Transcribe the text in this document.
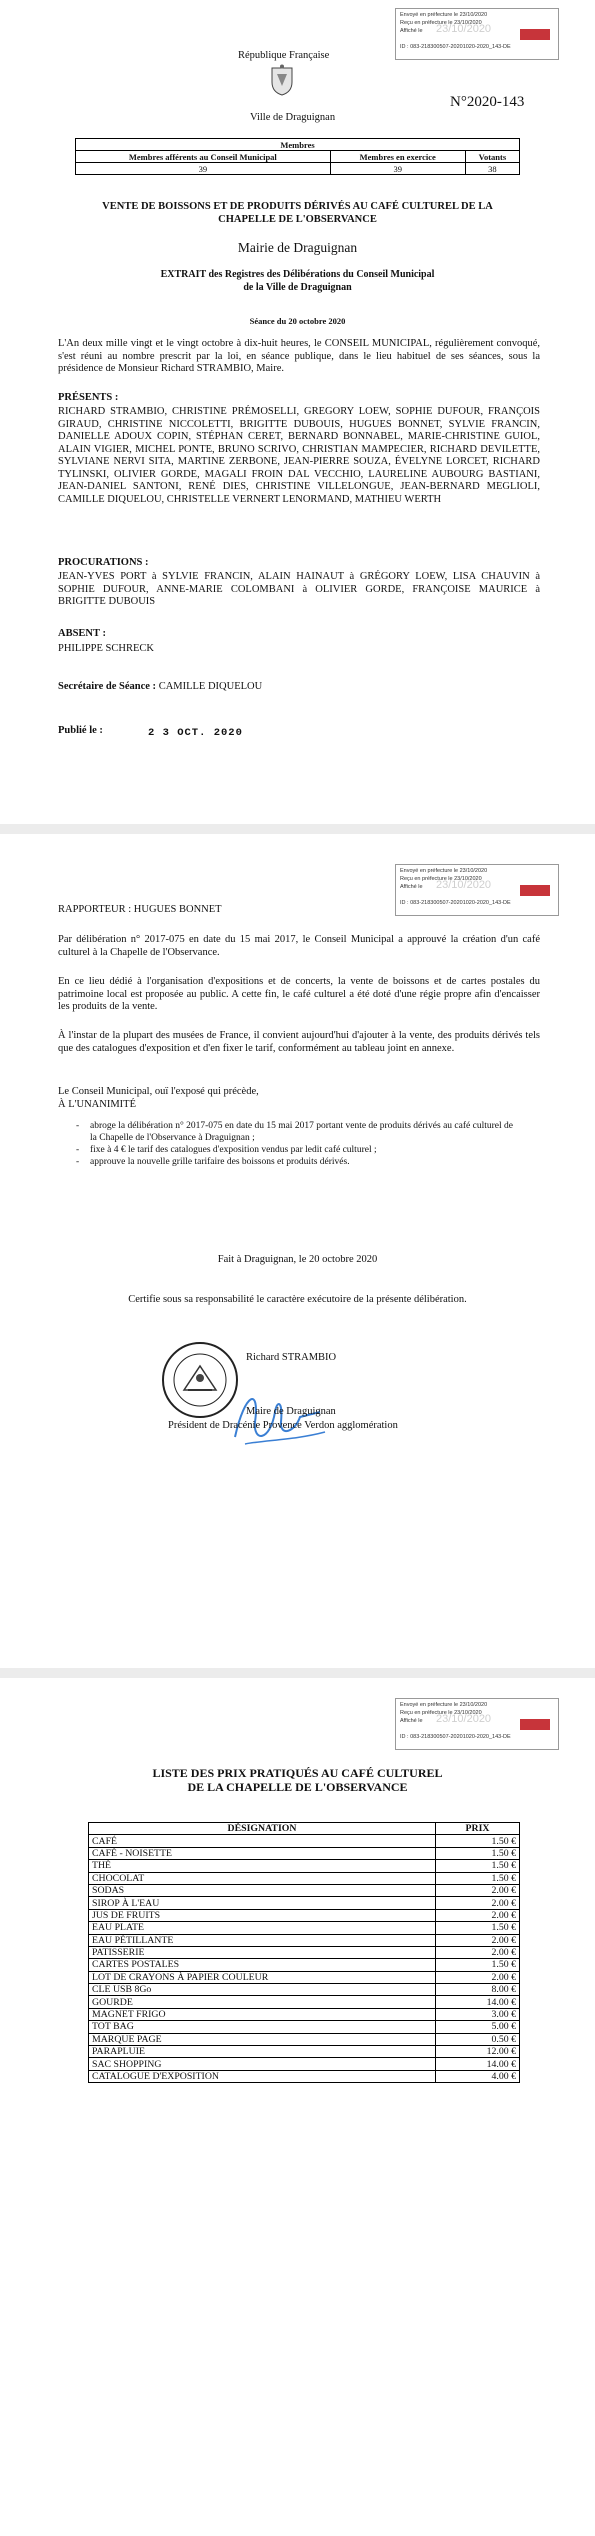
Envoyé en préfecture le 23/10/2020
Reçu en préfecture le 23/10/2020
Affiché le 23/10/2020
ID : 083-218300507-20201020-2020_143-DE
République Française
Ville de Draguignan
N°2020-143
Membres		
Membres afférents au Conseil Municipal	Membres en exercice	Votants
39	39	38
VENTE DE BOISSONS ET DE PRODUITS DÉRIVÉS AU CAFÉ CULTUREL DE LA
CHAPELLE DE L'OBSERVANCE
Mairie de Draguignan
EXTRAIT des Registres des Délibérations du Conseil Municipal
de la Ville de Draguignan
Séance du 20 octobre 2020
L'An deux mille vingt et le vingt octobre à dix-huit heures, le CONSEIL MUNICIPAL, régulièrement convoqué, s'est réuni au nombre prescrit par la loi, en séance publique, dans le lieu habituel de ses séances, sous la présidence de Monsieur Richard STRAMBIO, Maire.
PRÉSENTS :
RICHARD STRAMBIO, CHRISTINE PRÉMOSELLI, GREGORY LOEW, SOPHIE DUFOUR, FRANÇOIS GIRAUD, CHRISTINE NICCOLETTI, BRIGITTE DUBOUIS, HUGUES BONNET, SYLVIE FRANCIN, DANIELLE ADOUX COPIN, STÉPHAN CERET, BERNARD BONNABEL, MARIE-CHRISTINE GUIOL, ALAIN VIGIER, MICHEL PONTE, BRUNO SCRIVO, CHRISTIAN MAMPECIER, RICHARD DEVILETTE, SYLVIANE NERVI SITA, MARTINE ZERBONE, JEAN-PIERRE SOUZA, ÉVELYNE LORCET, RICHARD TYLINSKI, OLIVIER GORDE, MAGALI FROIN DAL VECCHIO, LAURELINE AUBOURG BASTIANI, JEAN-DANIEL SANTONI, RENÉ DIES, CHRISTINE VILLELONGUE, JEAN-BERNARD MEGLIOLI, CAMILLE DIQUELOU, CHRISTELLE VERNERT LENORMAND, MATHIEU WERTH
PROCURATIONS :
JEAN-YVES PORT à SYLVIE FRANCIN, ALAIN HAINAUT à GRÉGORY LOEW, LISA CHAUVIN à SOPHIE DUFOUR, ANNE-MARIE COLOMBANI à OLIVIER GORDE, FRANÇOISE MAURICE à BRIGITTE DUBOUIS
ABSENT :
PHILIPPE SCHRECK
Secrétaire de Séance : CAMILLE DIQUELOU
Publié le :	2 3 OCT. 2020
Envoyé en préfecture le 23/10/2020
Reçu en préfecture le 23/10/2020
Affiché le 23/10/2020
ID : 083-218300507-20201020-2020_143-DE
RAPPORTEUR : HUGUES BONNET
Par délibération n° 2017-075 en date du 15 mai 2017, le Conseil Municipal a approuvé la création d'un café culturel à la Chapelle de l'Observance.
En ce lieu dédié à l'organisation d'expositions et de concerts, la vente de boissons et de cartes postales du patrimoine local est proposée au public. A cette fin, le café culturel a été doté d'une régie propre afin d'encaisser les produits de la vente.
À l'instar de la plupart des musées de France, il convient aujourd'hui d'ajouter à la vente, des produits dérivés tels que des catalogues d'exposition et d'en fixer le tarif, conformément au tableau joint en annexe.
Le Conseil Municipal, ouï l'exposé qui précède,
À L'UNANIMITÉ
- abroge la délibération n° 2017-075 en date du 15 mai 2017 portant vente de produits dérivés au café culturel de la Chapelle de l'Observance à Draguignan ;
- fixe à 4 € le tarif des catalogues d'exposition vendus par ledit café culturel ;
- approuve la nouvelle grille tarifaire des boissons et produits dérivés.
Fait à Draguignan, le 20 octobre 2020
Certifie sous sa responsabilité le caractère exécutoire de la présente délibération.
Richard STRAMBIO
Maire de Draguignan
Président de Dracénie Provence Verdon agglomération
Envoyé en préfecture le 23/10/2020
Reçu en préfecture le 23/10/2020
Affiché le 23/10/2020
ID : 083-218300507-20201020-2020_143-DE
LISTE DES PRIX PRATIQUÉS AU CAFÉ CULTUREL
DE LA CHAPELLE DE L'OBSERVANCE
DÉSIGNATION	PRIX
CAFÉ	1.50 €
CAFÉ - NOISETTE	1.50 €
THÉ	1.50 €
CHOCOLAT	1.50 €
SODAS	2.00 €
SIROP À L'EAU	2.00 €
JUS DE FRUITS	2.00 €
EAU PLATE	1.50 €
EAU PÉTILLANTE	2.00 €
PATISSERIE	2.00 €
CARTES POSTALES	1.50 €
LOT DE CRAYONS À PAPIER COULEUR	2.00 €
CLE USB 8Go	8.00 €
GOURDE	14.00 €
MAGNET FRIGO	3.00 €
TOT BAG	5.00 €
MARQUE PAGE	0.50 €
PARAPLUIE	12.00 €
SAC SHOPPING	14.00 €
CATALOGUE D'EXPOSITION	4.00 €
